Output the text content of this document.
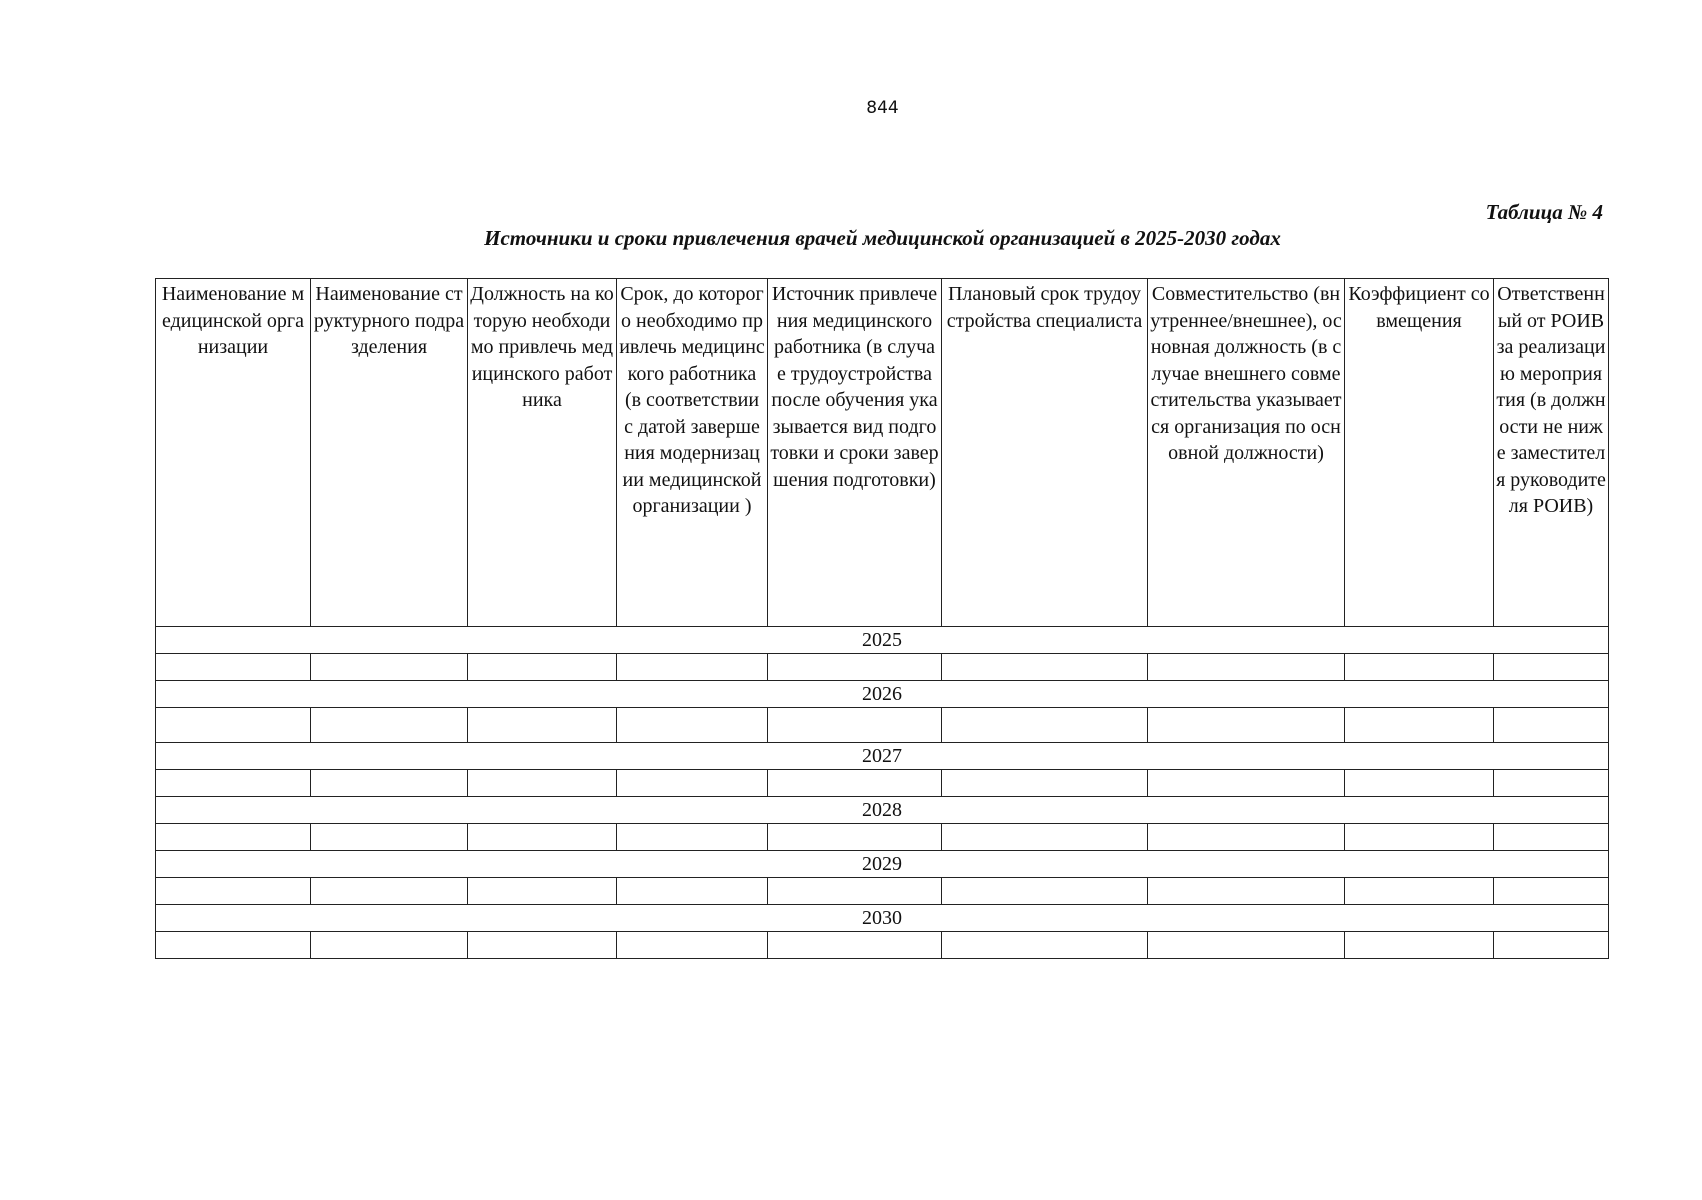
844
Таблица № 4
Источники и сроки привлечения врачей медицинской организацией в 2025-2030 годах
Наименование медицинской организации	Наименование структурного подразделения	Должность на которую необходимо привлечь медицинского работника	Срок, до которого необходимо привлечь медицинского работника (в соответствии с датой завершения модернизации медицинской организации )	Источник привлечения медицинского работника (в случае трудоустройства после обучения указывается вид подготовки и сроки завершения подготовки)	Плановый срок трудоустройства специалиста	Совместительство (внутреннее/внешнее), основная должность (в случае внешнего совместительства указывается организация по основной должности)	Коэффициент совмещения	Ответственный от РОИВ за реализацию мероприятия (в должности не ниже заместителя руководителя РОИВ)
2025								

2026								

2027								

2028								

2029								

2030								
